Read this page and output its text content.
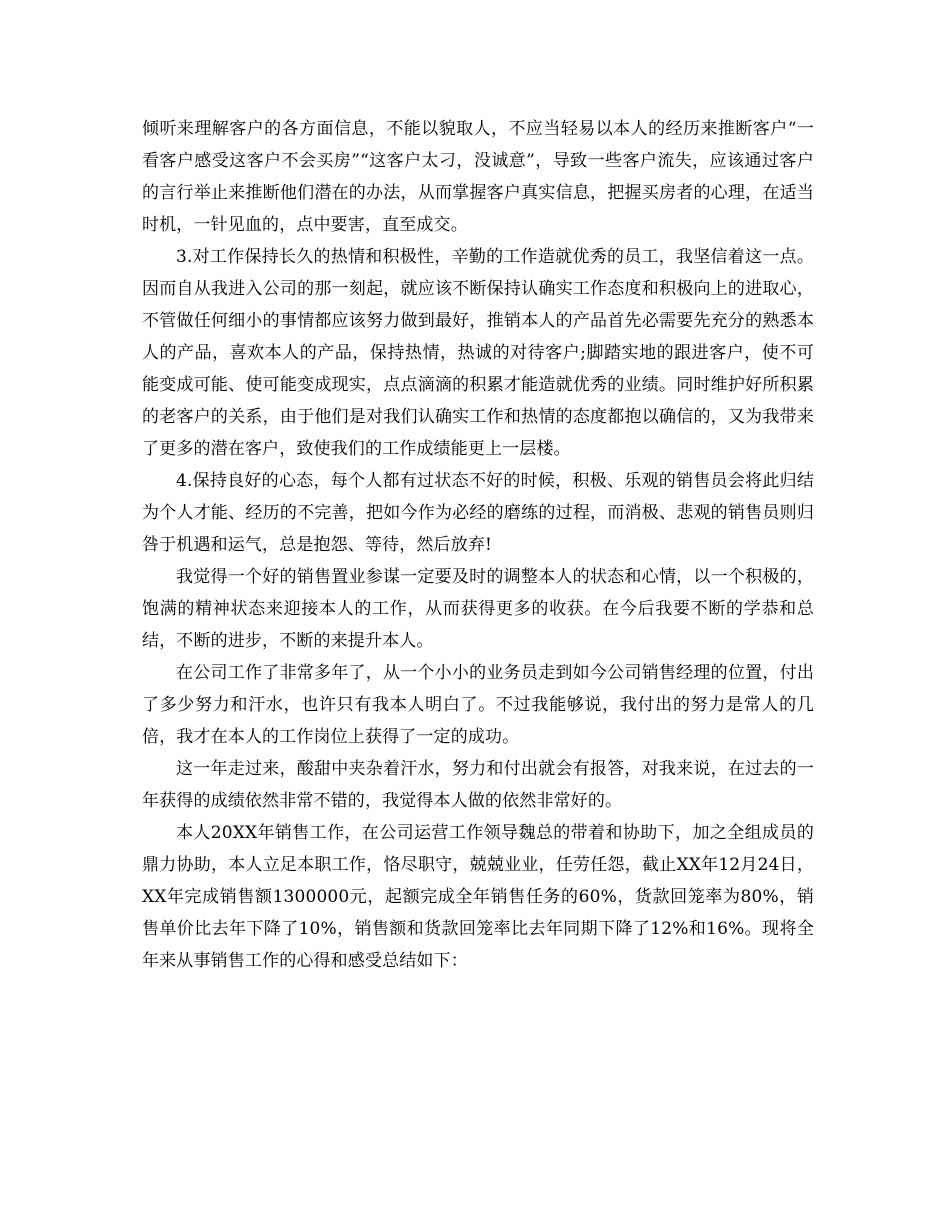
倾听来理解客户的各方面信息，不能以貌取人，不应当轻易以本人的经历来推断客户“一看客户感受这客户不会买房”“这客户太刁，没诚意”，导致一些客户流失，应该通过客户的言行举止来推断他们潜在的办法，从而掌握客户真实信息，把握买房者的心理，在适当时机，一针见血的，点中要害，直至成交。

3.对工作保持长久的热情和积极性，辛勤的工作造就优秀的员工，我坚信着这一点。因而自从我进入公司的那一刻起，就应该不断保持认确实工作态度和积极向上的进取心，不管做任何细小的事情都应该努力做到最好，推销本人的产品首先必需要先充分的熟悉本人的产品，喜欢本人的产品，保持热情，热诚的对待客户;脚踏实地的跟进客户，使不可能变成可能、使可能变成现实，点点滴滴的积累才能造就优秀的业绩。同时维护好所积累的老客户的关系，由于他们是对我们认确实工作和热情的态度都抱以确信的，又为我带来了更多的潜在客户，致使我们的工作成绩能更上一层楼。

4.保持良好的心态，每个人都有过状态不好的时候，积极、乐观的销售员会将此归结为个人才能、经历的不完善，把如今作为必经的磨练的过程，而消极、悲观的销售员则归咎于机遇和运气，总是抱怨、等待，然后放弃!

我觉得一个好的销售置业参谋一定要及时的调整本人的状态和心情，以一个积极的，饱满的精神状态来迎接本人的工作，从而获得更多的收获。在今后我要不断的学恭和总结，不断的进步，不断的来提升本人。

在公司工作了非常多年了，从一个小小的业务员走到如今公司销售经理的位置，付出了多少努力和汗水，也许只有我本人明白了。不过我能够说，我付出的努力是常人的几倍，我才在本人的工作岗位上获得了一定的成功。

这一年走过来，酸甜中夹杂着汗水，努力和付出就会有报答，对我来说，在过去的一年获得的成绩依然非常不错的，我觉得本人做的依然非常好的。

本人20XX年销售工作，在公司运营工作领导魏总的带着和协助下，加之全组成员的鼎力协助，本人立足本职工作，恪尽职守，兢兢业业，任劳任怨，截止XX年12月24日，XX年完成销售额1300000元，起额完成全年销售任务的60%，货款回笼率为80%，销售单价比去年下降了10%，销售额和货款回笼率比去年同期下降了12%和16%。现将全年来从事销售工作的心得和感受总结如下：
